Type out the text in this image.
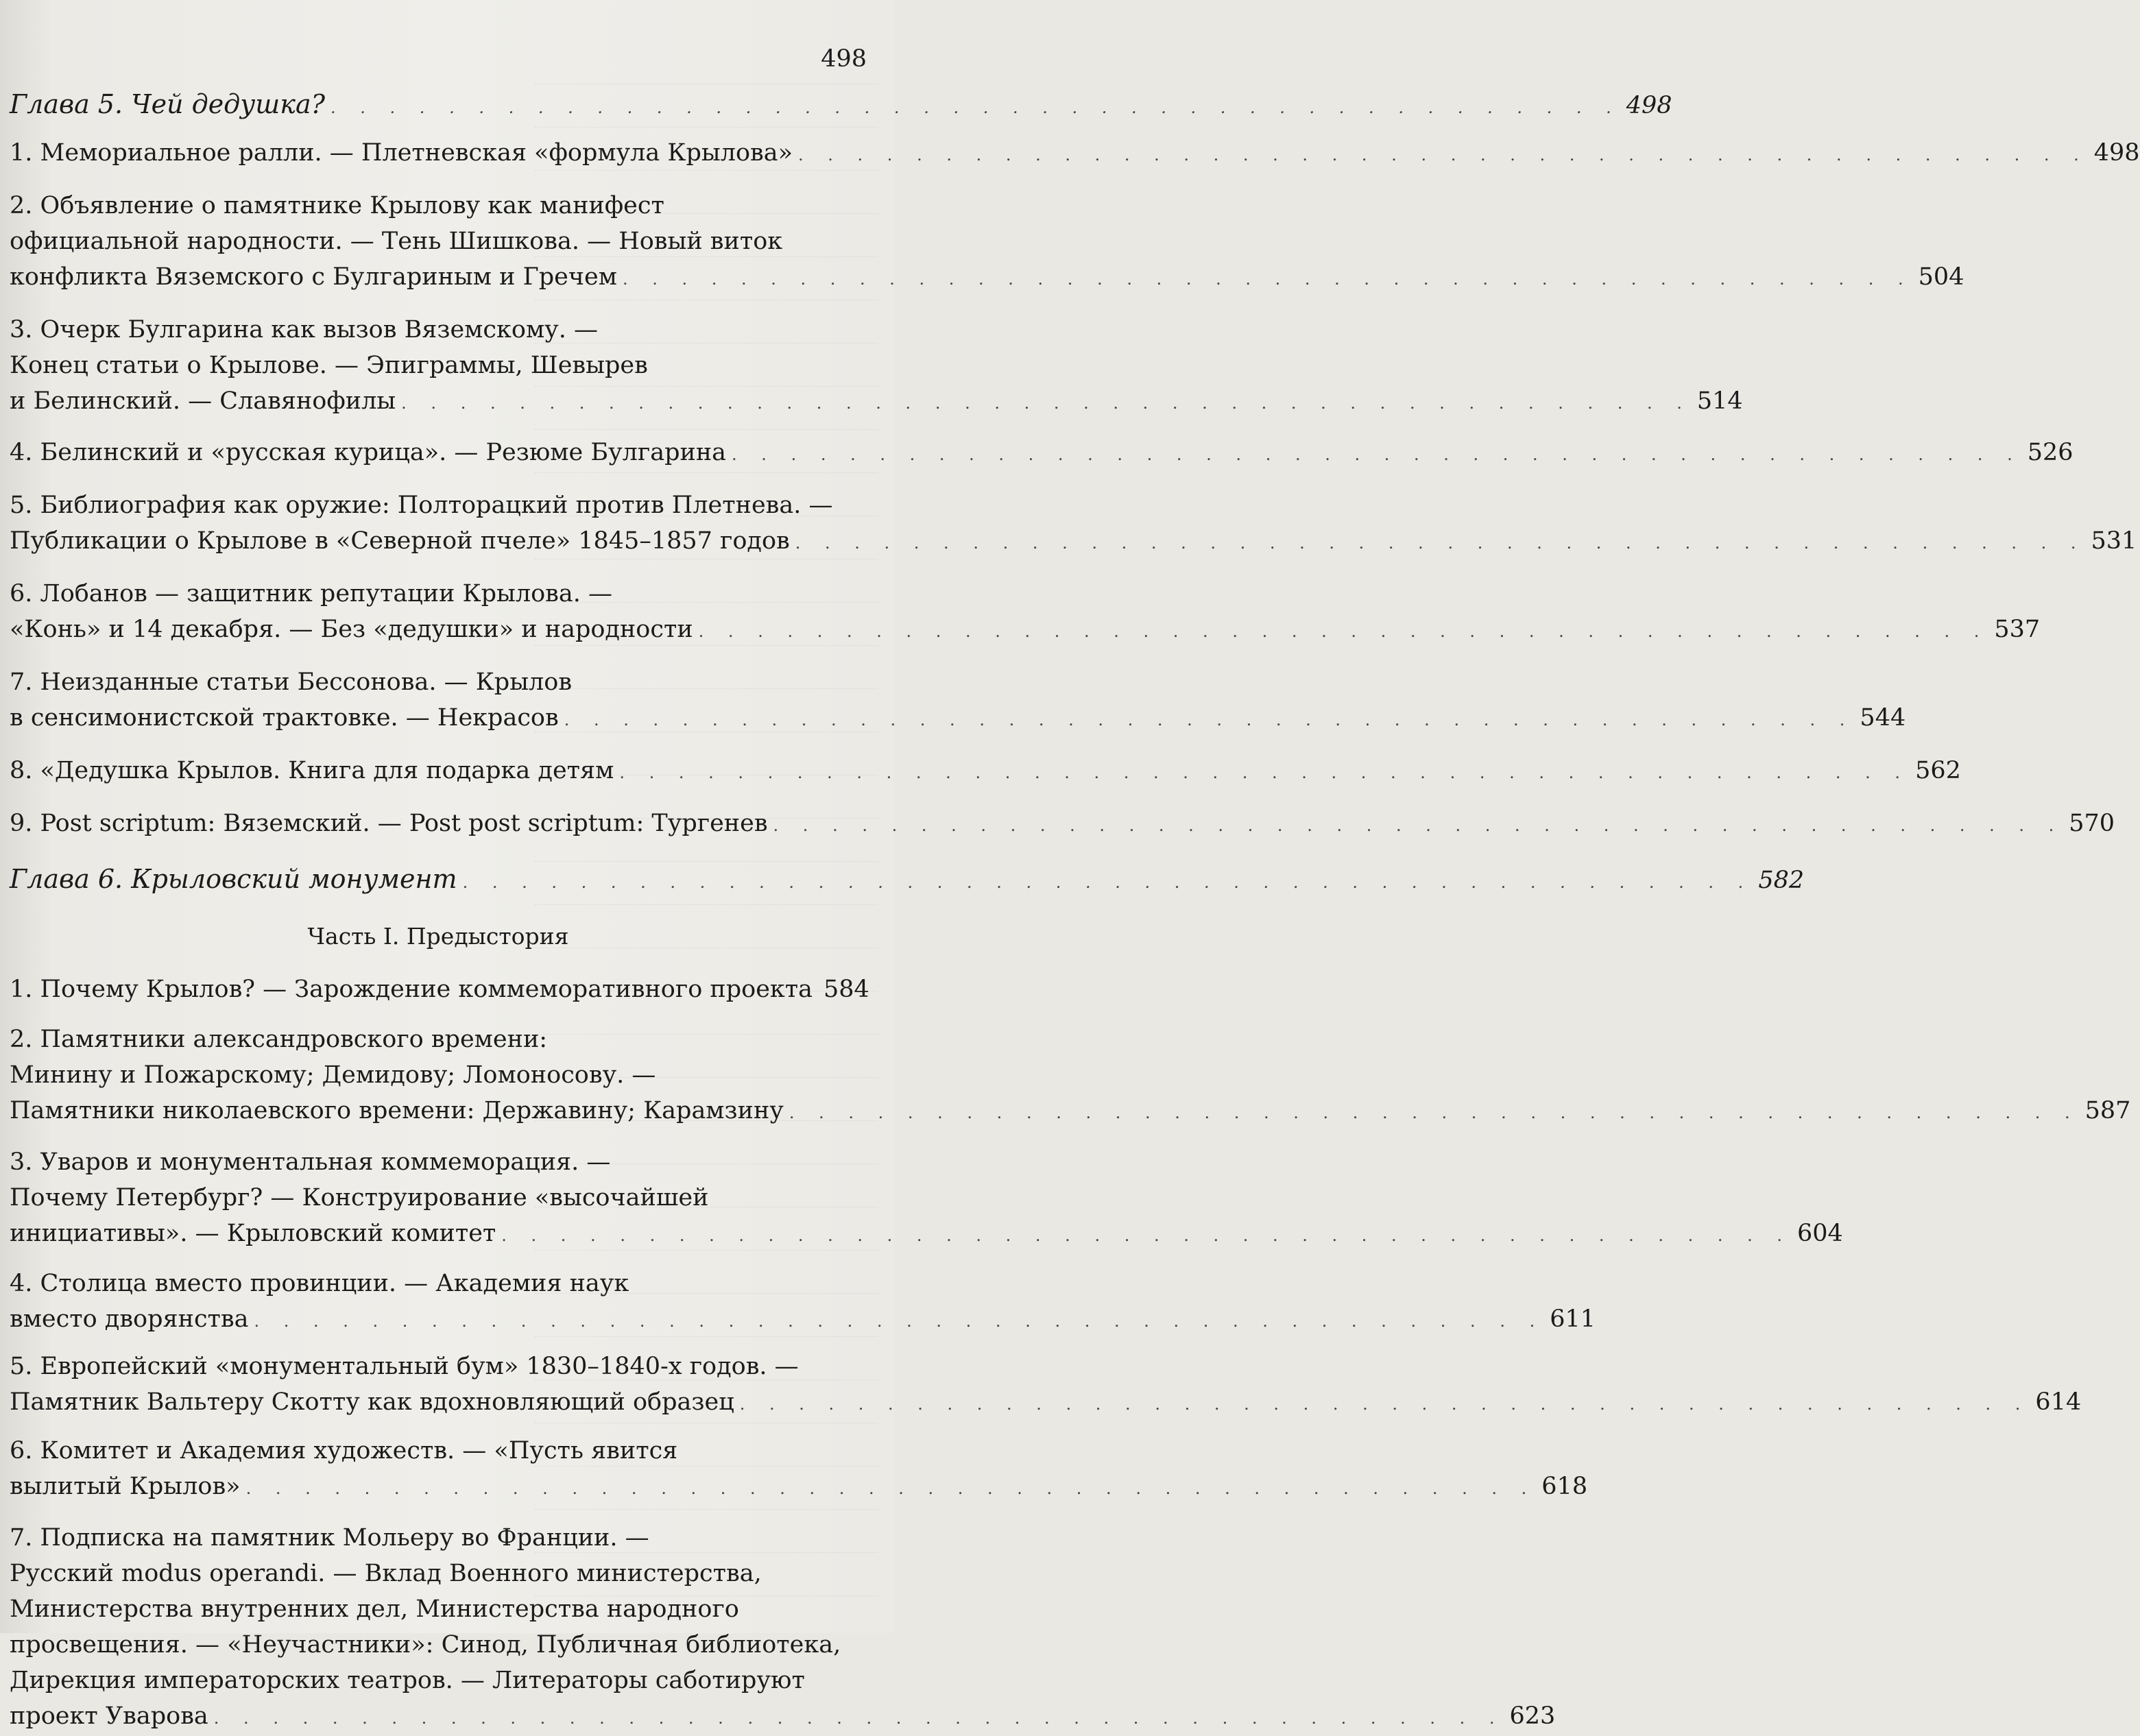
498
Глава 5. Чей дедушка? . . . . . . . . . . . . . . . . . . . . . . . . . . . . . . . . . . . . . . . . . . . . 498
1. Мемориальное ралли. — Плетневская «формула Крылова» . . . . . . . . . . . . . . . . . . . . . . . . . . . . . . . . . . . . . . . . . . . . 498
2. Объявление о памятнике Крылову как манифест
официальной народности. — Тень Шишкова. — Новый виток
конфликта Вяземского с Булгариным и Гречем . . . . . . . . . . . . . . . . . . . . . . . . . . . . . . . . . . . . . . . . . . . . 504
3. Очерк Булгарина как вызов Вяземскому. —
Конец статьи о Крылове. — Эпиграммы, Шевырев
и Белинский. — Славянофилы . . . . . . . . . . . . . . . . . . . . . . . . . . . . . . . . . . . . . . . . . . . . 514
4. Белинский и «русская курица». — Резюме Булгарина . . . . . . . . . . . . . . . . . . . . . . . . . . . . . . . . . . . . . . . . . . . . 526
5. Библиография как оружие: Полторацкий против Плетнева. —
Публикации о Крылове в «Северной пчеле» 1845–1857 годов . . . . . . . . . . . . . . . . . . . . . . . . . . . . . . . . . . . . . . . . . . . . 531
6. Лобанов — защитник репутации Крылова. —
«Конь» и 14 декабря. — Без «дедушки» и народности . . . . . . . . . . . . . . . . . . . . . . . . . . . . . . . . . . . . . . . . . . . . 537
7. Неизданные статьи Бессонова. — Крылов
в сенсимонистской трактовке. — Некрасов . . . . . . . . . . . . . . . . . . . . . . . . . . . . . . . . . . . . . . . . . . . . 544
8. «Дедушка Крылов. Книга для подарка детям . . . . . . . . . . . . . . . . . . . . . . . . . . . . . . . . . . . . . . . . . . . . 562
9. Post scriptum: Вяземский. — Post post scriptum: Тургенев . . . . . . . . . . . . . . . . . . . . . . . . . . . . . . . . . . . . . . . . . . . . 570
Глава 6. Крыловский монумент . . . . . . . . . . . . . . . . . . . . . . . . . . . . . . . . . . . . . . . . . . . . 582
Часть I. Предыстория
1. Почему Крылов? — Зарождение коммеморативного проекта 584
2. Памятники александровского времени:
Минину и Пожарскому; Демидову; Ломоносову. —
Памятники николаевского времени: Державину; Карамзину . . . . . . . . . . . . . . . . . . . . . . . . . . . . . . . . . . . . . . . . . . . . 587
3. Уваров и монументальная коммеморация. —
Почему Петербург? — Конструирование «высочайшей
инициативы». — Крыловский комитет . . . . . . . . . . . . . . . . . . . . . . . . . . . . . . . . . . . . . . . . . . . . 604
4. Столица вместо провинции. — Академия наук
вместо дворянства . . . . . . . . . . . . . . . . . . . . . . . . . . . . . . . . . . . . . . . . . . . . 611
5. Европейский «монументальный бум» 1830–1840-х годов. —
Памятник Вальтеру Скотту как вдохновляющий образец . . . . . . . . . . . . . . . . . . . . . . . . . . . . . . . . . . . . . . . . . . . . 614
6. Комитет и Академия художеств. — «Пусть явится
вылитый Крылов» . . . . . . . . . . . . . . . . . . . . . . . . . . . . . . . . . . . . . . . . . . . . 618
7. Подписка на памятник Мольеру во Франции. —
Русский modus operandi. — Вклад Военного министерства,
Министерства внутренних дел, Министерства народного
просвещения. — «Неучастники»: Синод, Публичная библиотека,
Дирекция императорских театров. — Литераторы саботируют
проект Уварова . . . . . . . . . . . . . . . . . . . . . . . . . . . . . . . . . . . . . . . . . . . . 623
